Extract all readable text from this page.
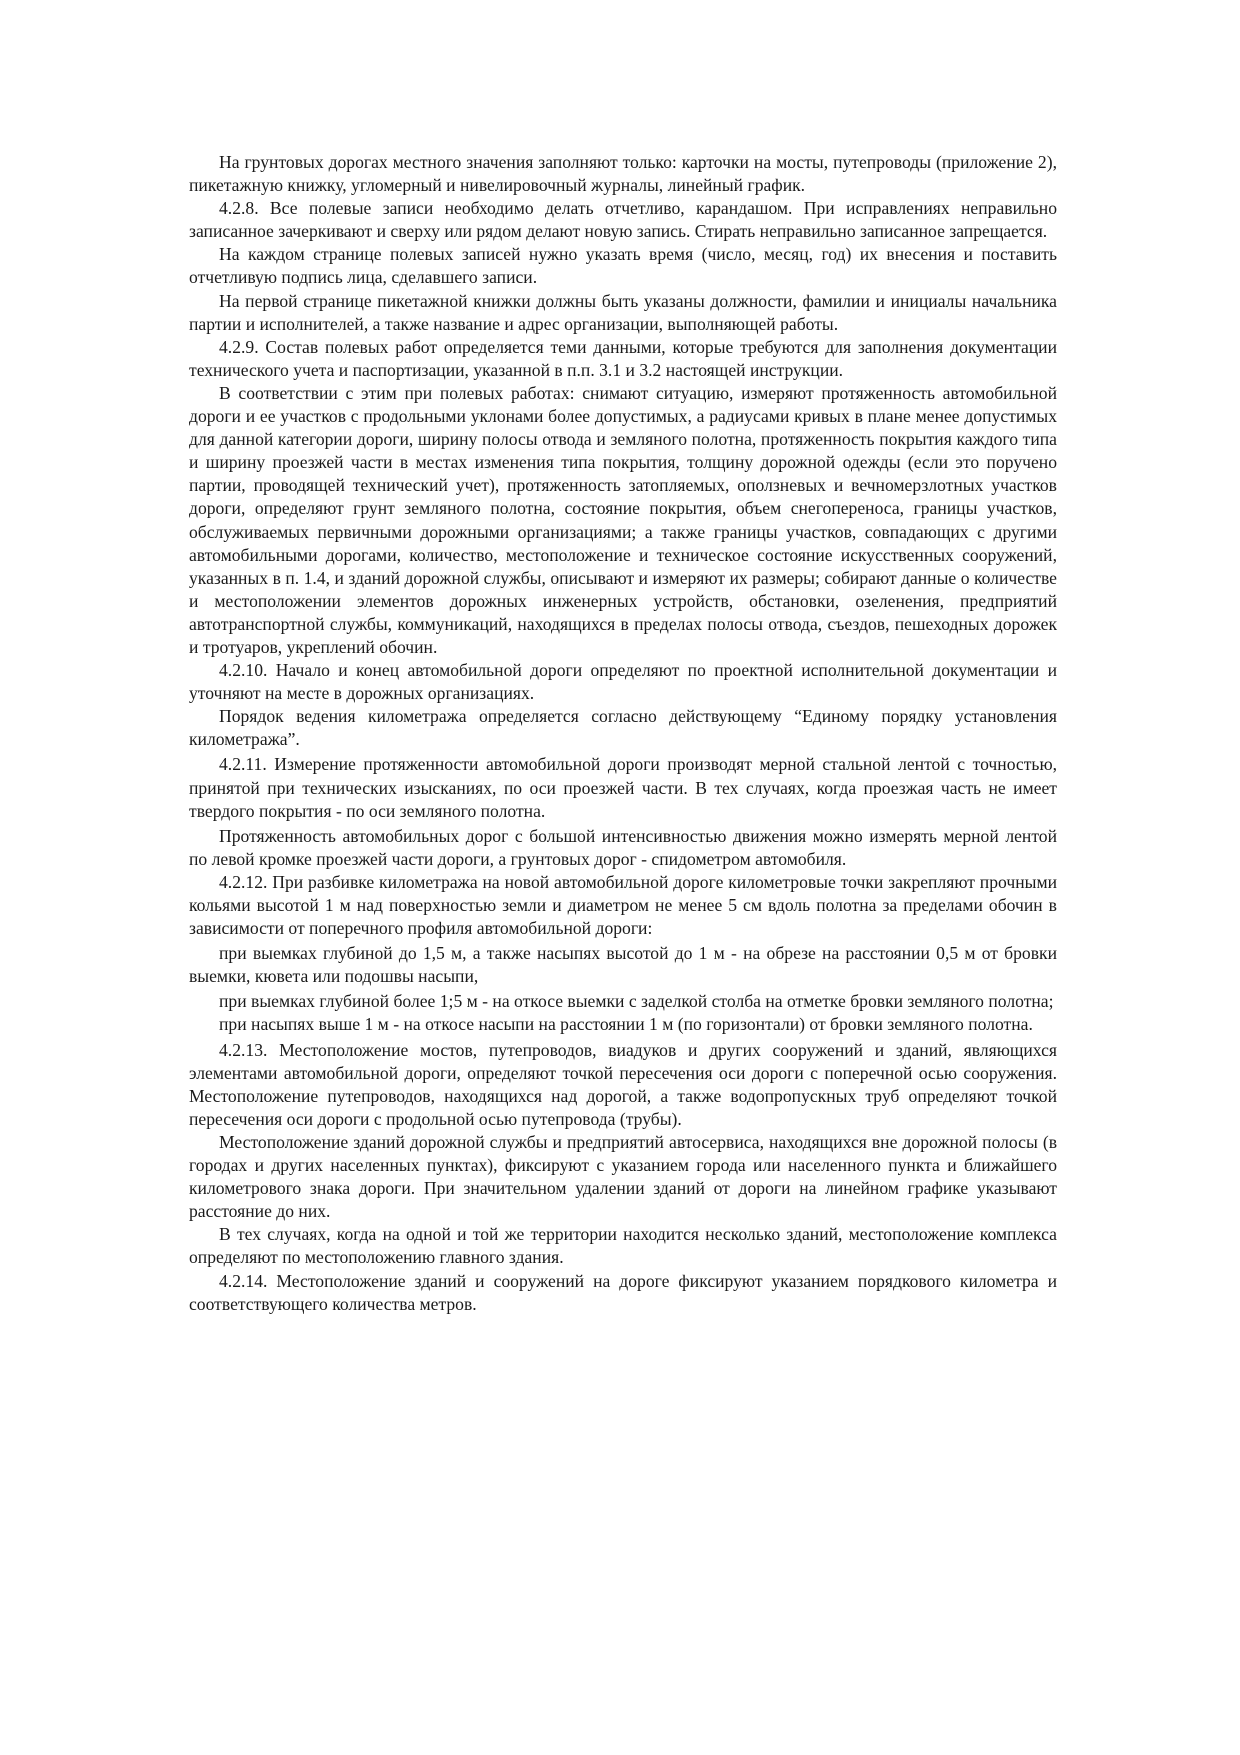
На грунтовых дорогах местного значения заполняют только: карточки на мосты, путепроводы (приложение 2), пикетажную книжку, угломерный и нивелировочный журналы, линейный график.

4.2.8. Все полевые записи необходимо делать отчетливо, карандашом. При исправлениях неправильно записанное зачеркивают и сверху или рядом делают новую запись. Стирать неправильно записанное запрещается.

На каждом странице полевых записей нужно указать время (число, месяц, год) их внесения и поставить отчетливую подпись лица, сделавшего записи.

На первой странице пикетажной книжки должны быть указаны должности, фамилии и инициалы начальника партии и исполнителей, а также название и адрес организации, выполняющей работы.

4.2.9. Состав полевых работ определяется теми данными, которые требуются для заполнения документации технического учета и паспортизации, указанной в п.п. 3.1 и 3.2 настоящей инструкции.

В соответствии с этим при полевых работах: снимают ситуацию, измеряют протяженность автомобильной дороги и ее участков с продольными уклонами более допустимых, а радиусами кривых в плане менее допустимых для данной категории дороги, ширину полосы отвода и земляного полотна, протяженность покрытия каждого типа и ширину проезжей части в местах изменения типа покрытия, толщину дорожной одежды (если это поручено партии, проводящей технический учет), протяженность затопляемых, оползневых и вечномерзлотных участков дороги, определяют грунт земляного полотна, состояние покрытия, объем снегопереноса, границы участков, обслуживаемых первичными дорожными организациями; а также границы участков, совпадающих с другими автомобильными дорогами, количество, местоположение и техническое состояние искусственных сооружений, указанных в п. 1.4, и зданий дорожной службы, описывают и измеряют их размеры; собирают данные о количестве и местоположении элементов дорожных инженерных устройств, обстановки, озеленения, предприятий автотранспортной службы, коммуникаций, находящихся в пределах полосы отвода, съездов, пешеходных дорожек и тротуаров, укреплений обочин.

4.2.10. Начало и конец автомобильной дороги определяют по проектной исполнительной документации и уточняют на месте в дорожных организациях.

Порядок ведения километража определяется согласно действующему “Единому порядку установления километража”.

4.2.11. Измерение протяженности автомобильной дороги производят мерной стальной лентой с точностью, принятой при технических изысканиях, по оси проезжей части. В тех случаях, когда проезжая часть не имеет твердого покрытия - по оси земляного полотна.

Протяженность автомобильных дорог с большой интенсивностью движения можно измерять мерной лентой по левой кромке проезжей части дороги, а грунтовых дорог - спидометром автомобиля.

4.2.12. При разбивке километража на новой автомобильной дороге километровые точки закрепляют прочными кольями высотой 1 м над поверхностью земли и диаметром не менее 5 см вдоль полотна за пределами обочин в зависимости от поперечного профиля автомобильной дороги:

при выемках глубиной до 1,5 м, а также насыпях высотой до 1 м - на обрезе на расстоянии 0,5 м от бровки выемки, кювета или подошвы насыпи,

при выемках глубиной более 1;5 м - на откосе выемки с заделкой столба на отметке бровки земляного полотна;

при насыпях выше 1 м - на откосе насыпи на расстоянии 1 м (по горизонтали) от бровки земляного полотна.

4.2.13. Местоположение мостов, путепроводов, виадуков и других сооружений и зданий, являющихся элементами автомобильной дороги, определяют точкой пересечения оси дороги с поперечной осью сооружения. Местоположение путепроводов, находящихся над дорогой, а также водопропускных труб определяют точкой пересечения оси дороги с продольной осью путепровода (трубы).

Местоположение зданий дорожной службы и предприятий автосервиса, находящихся вне дорожной полосы (в городах и других населенных пунктах), фиксируют с указанием города или населенного пункта и ближайшего километрового знака дороги. При значительном удалении зданий от дороги на линейном графике указывают расстояние до них.

В тех случаях, когда на одной и той же территории находится несколько зданий, местоположение комплекса определяют по местоположению главного здания.

4.2.14. Местоположение зданий и сооружений на дороге фиксируют указанием порядкового километра и соответствующего количества метров.
